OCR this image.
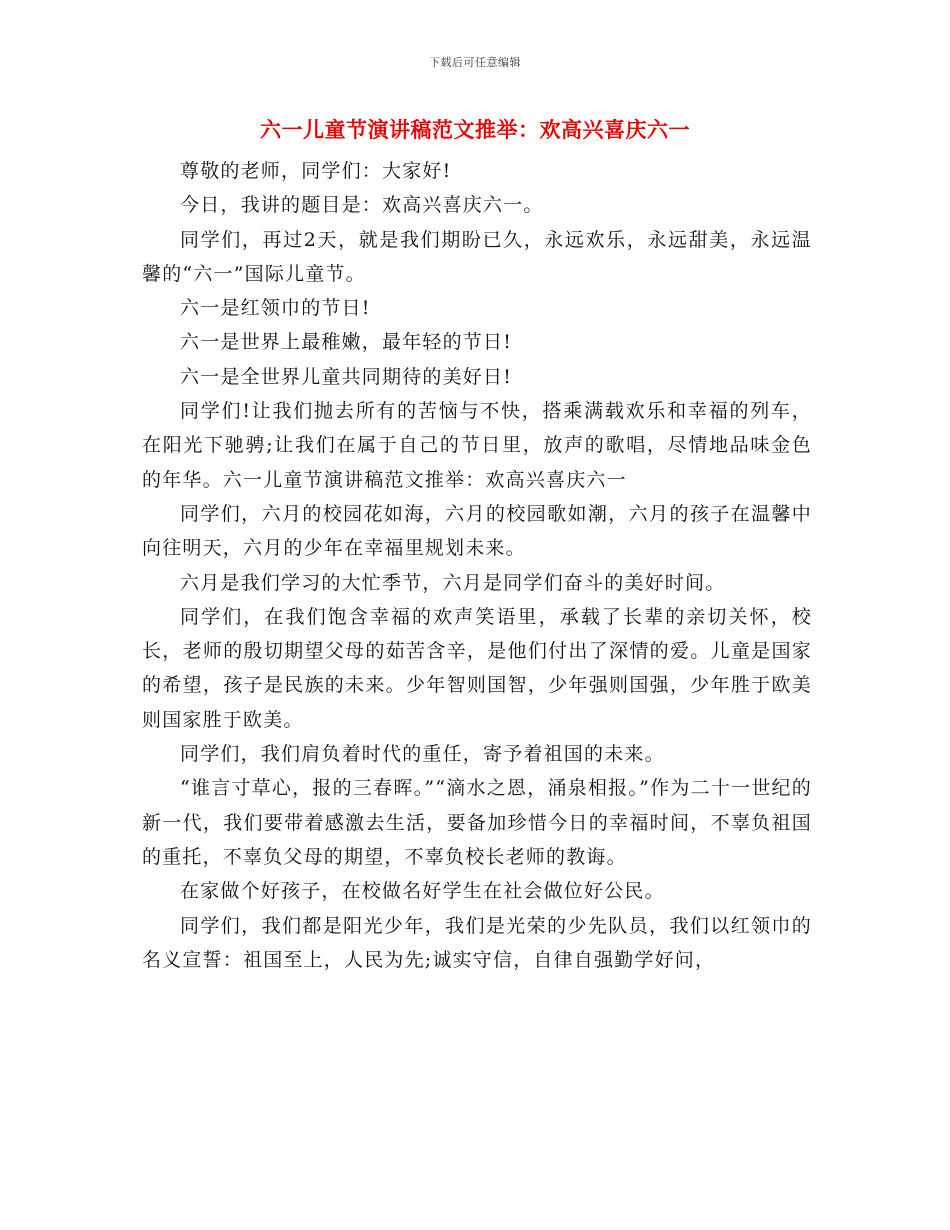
下载后可任意编辑
六一儿童节演讲稿范文推举：欢高兴喜庆六一

尊敬的老师，同学们：大家好!

今日，我讲的题目是：欢高兴喜庆六一。

同学们，再过2天，就是我们期盼已久，永远欢乐，永远甜美，永远温馨的“六一”国际儿童节。

六一是红领巾的节日!

六一是世界上最稚嫩，最年轻的节日!

六一是全世界儿童共同期待的美好日!

同学们!让我们抛去所有的苦恼与不快，搭乘满载欢乐和幸福的列车，在阳光下驰骋;让我们在属于自己的节日里，放声的歌唱，尽情地品味金色的年华。六一儿童节演讲稿范文推举：欢高兴喜庆六一

同学们，六月的校园花如海，六月的校园歌如潮，六月的孩子在温馨中向往明天，六月的少年在幸福里规划未来。

六月是我们学习的大忙季节，六月是同学们奋斗的美好时间。

同学们，在我们饱含幸福的欢声笑语里，承载了长辈的亲切关怀，校长，老师的殷切期望父母的茹苦含辛，是他们付出了深情的爱。儿童是国家的希望，孩子是民族的未来。少年智则国智，少年强则国强，少年胜于欧美则国家胜于欧美。

同学们，我们肩负着时代的重任，寄予着祖国的未来。

“谁言寸草心，报的三春晖。”“滴水之恩，涌泉相报。”作为二十一世纪的新一代，我们要带着感激去生活，要备加珍惜今日的幸福时间，不辜负祖国的重托，不辜负父母的期望，不辜负校长老师的教诲。

在家做个好孩子，在校做名好学生在社会做位好公民。

同学们，我们都是阳光少年，我们是光荣的少先队员，我们以红领巾的名义宣誓：祖国至上，人民为先;诚实守信，自律自强勤学好问，
